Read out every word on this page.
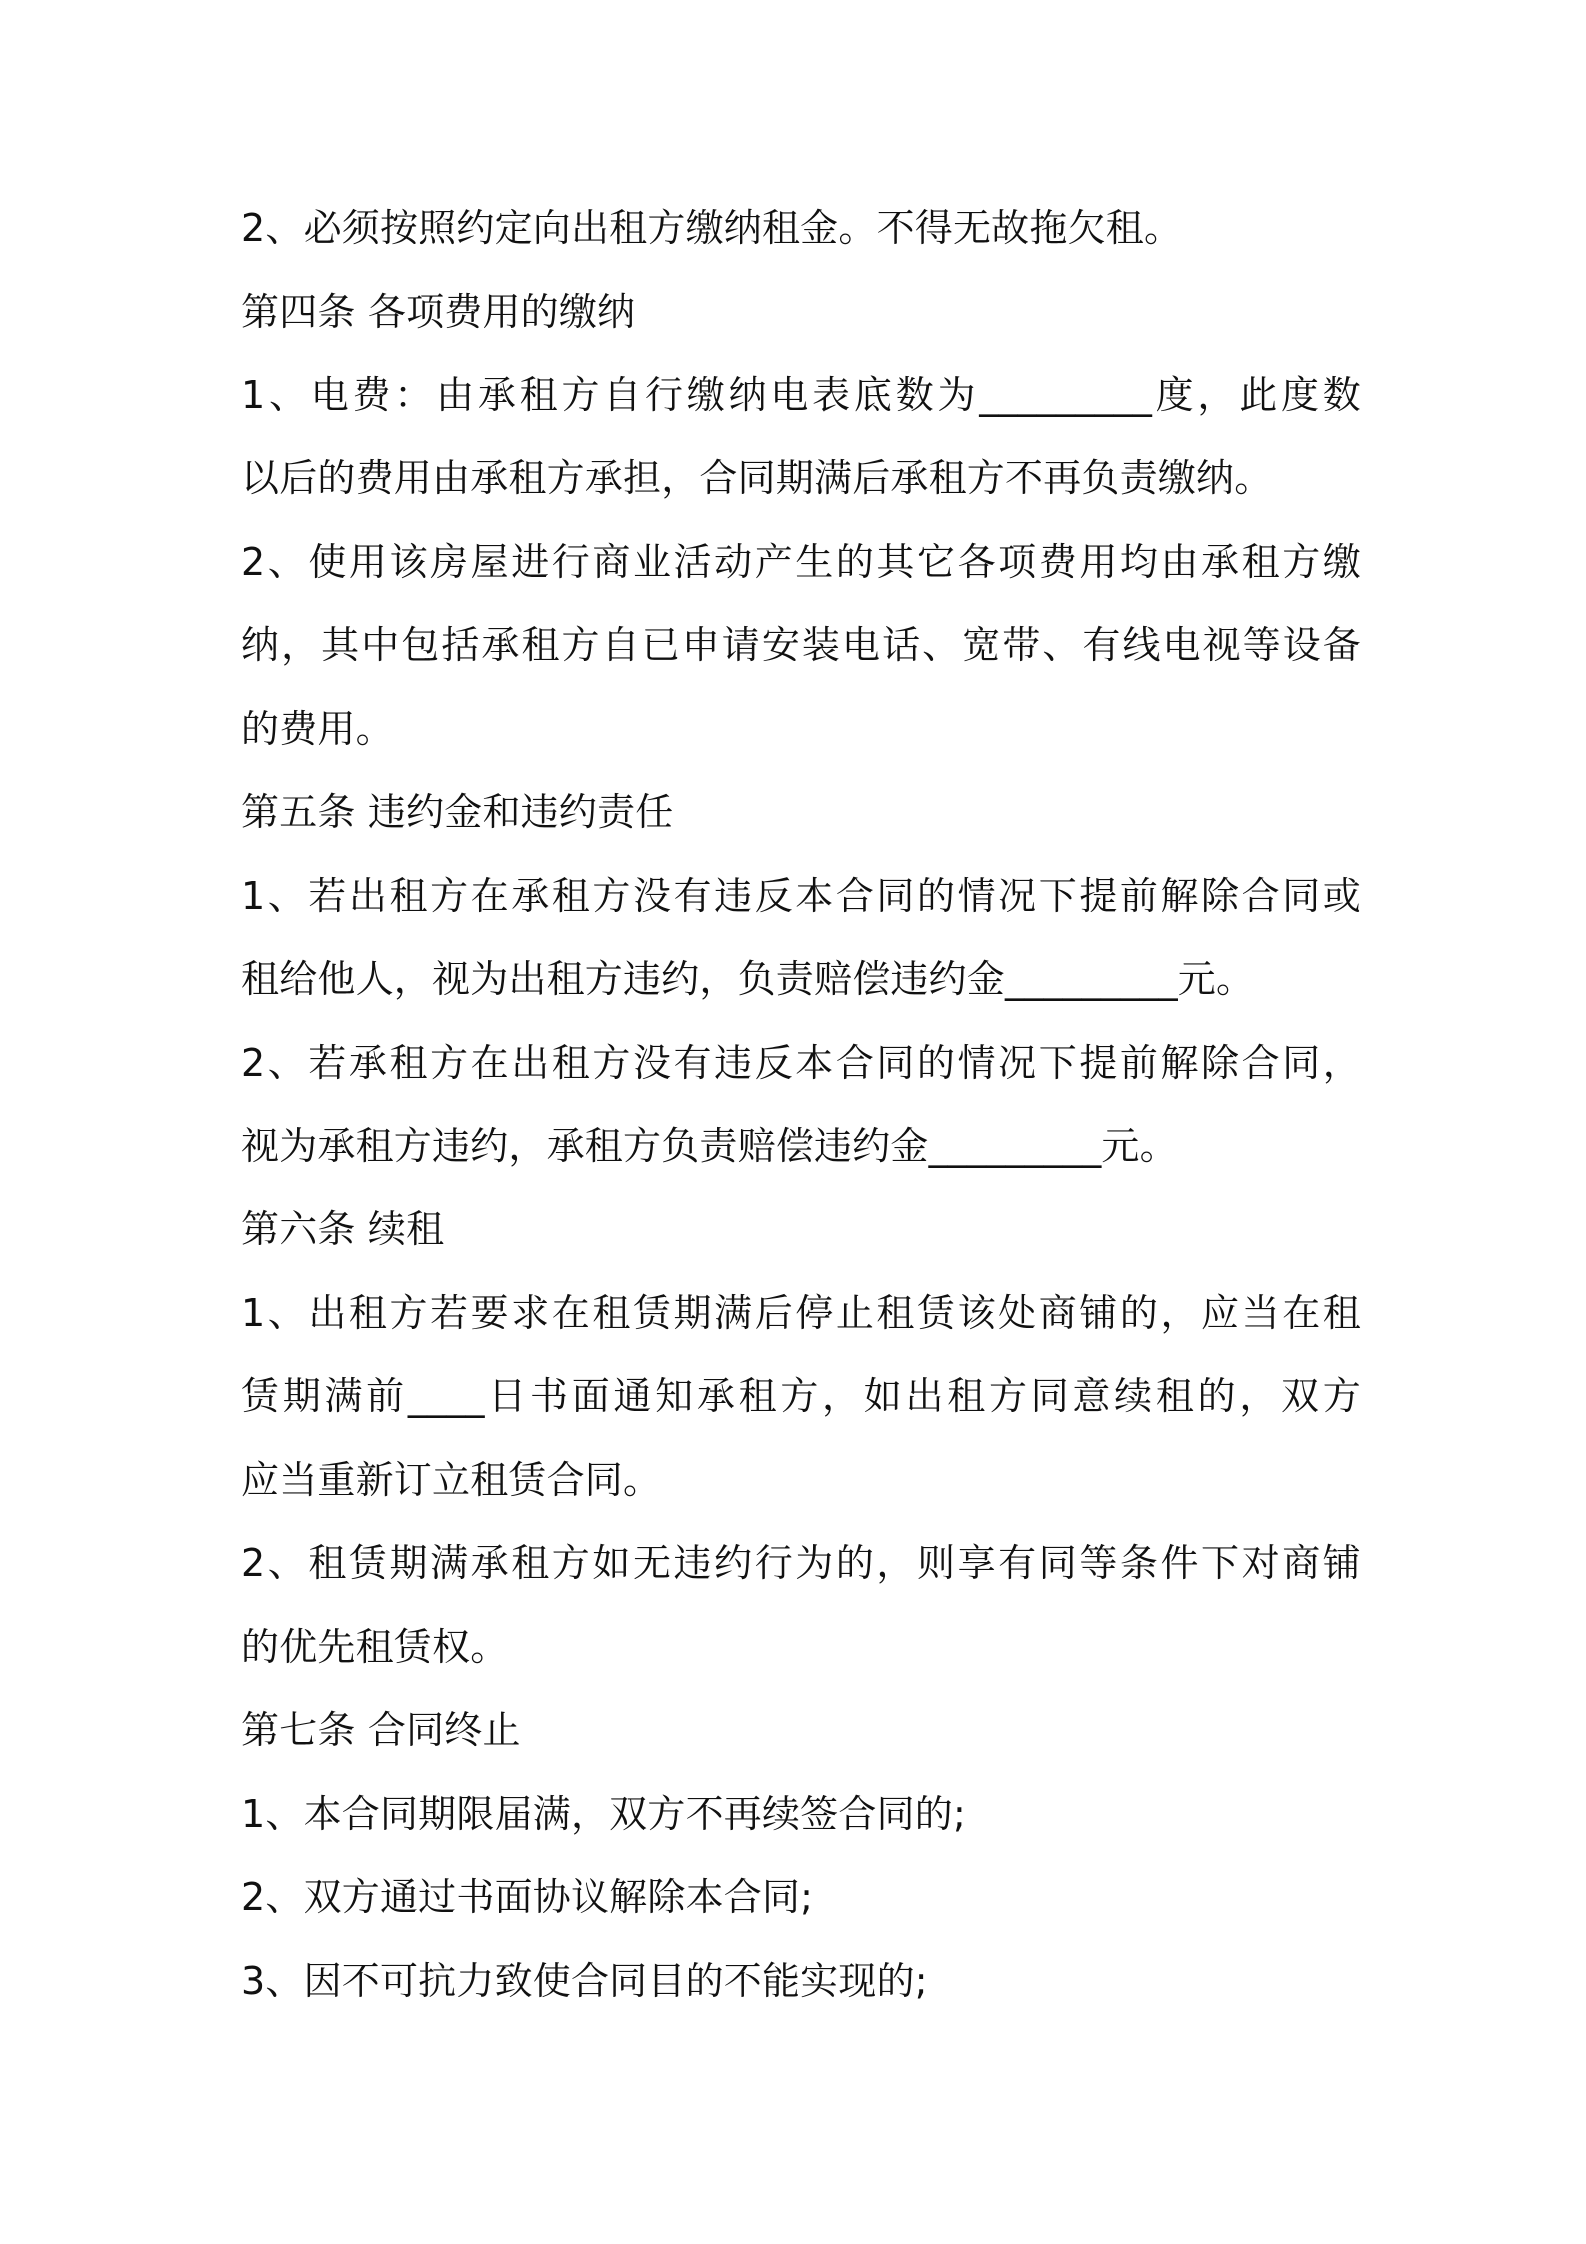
2、必须按照约定向出租方缴纳租金。不得无故拖欠租。
第四条 各项费用的缴纳
1、电费：由承租方自行缴纳电表底数为_________度，此度数
以后的费用由承租方承担，合同期满后承租方不再负责缴纳。
2、使用该房屋进行商业活动产生的其它各项费用均由承租方缴
纳，其中包括承租方自已申请安装电话、宽带、有线电视等设备
的费用。
第五条 违约金和违约责任
1、若出租方在承租方没有违反本合同的情况下提前解除合同或
租给他人，视为出租方违约，负责赔偿违约金_________元。
2、若承租方在出租方没有违反本合同的情况下提前解除合同，
视为承租方违约，承租方负责赔偿违约金_________元。
第六条 续租
1、出租方若要求在租赁期满后停止租赁该处商铺的，应当在租
赁期满前____日书面通知承租方，如出租方同意续租的，双方
应当重新订立租赁合同。
2、租赁期满承租方如无违约行为的，则享有同等条件下对商铺
的优先租赁权。
第七条 合同终止
1、本合同期限届满，双方不再续签合同的;
2、双方通过书面协议解除本合同;
3、因不可抗力致使合同目的不能实现的;
